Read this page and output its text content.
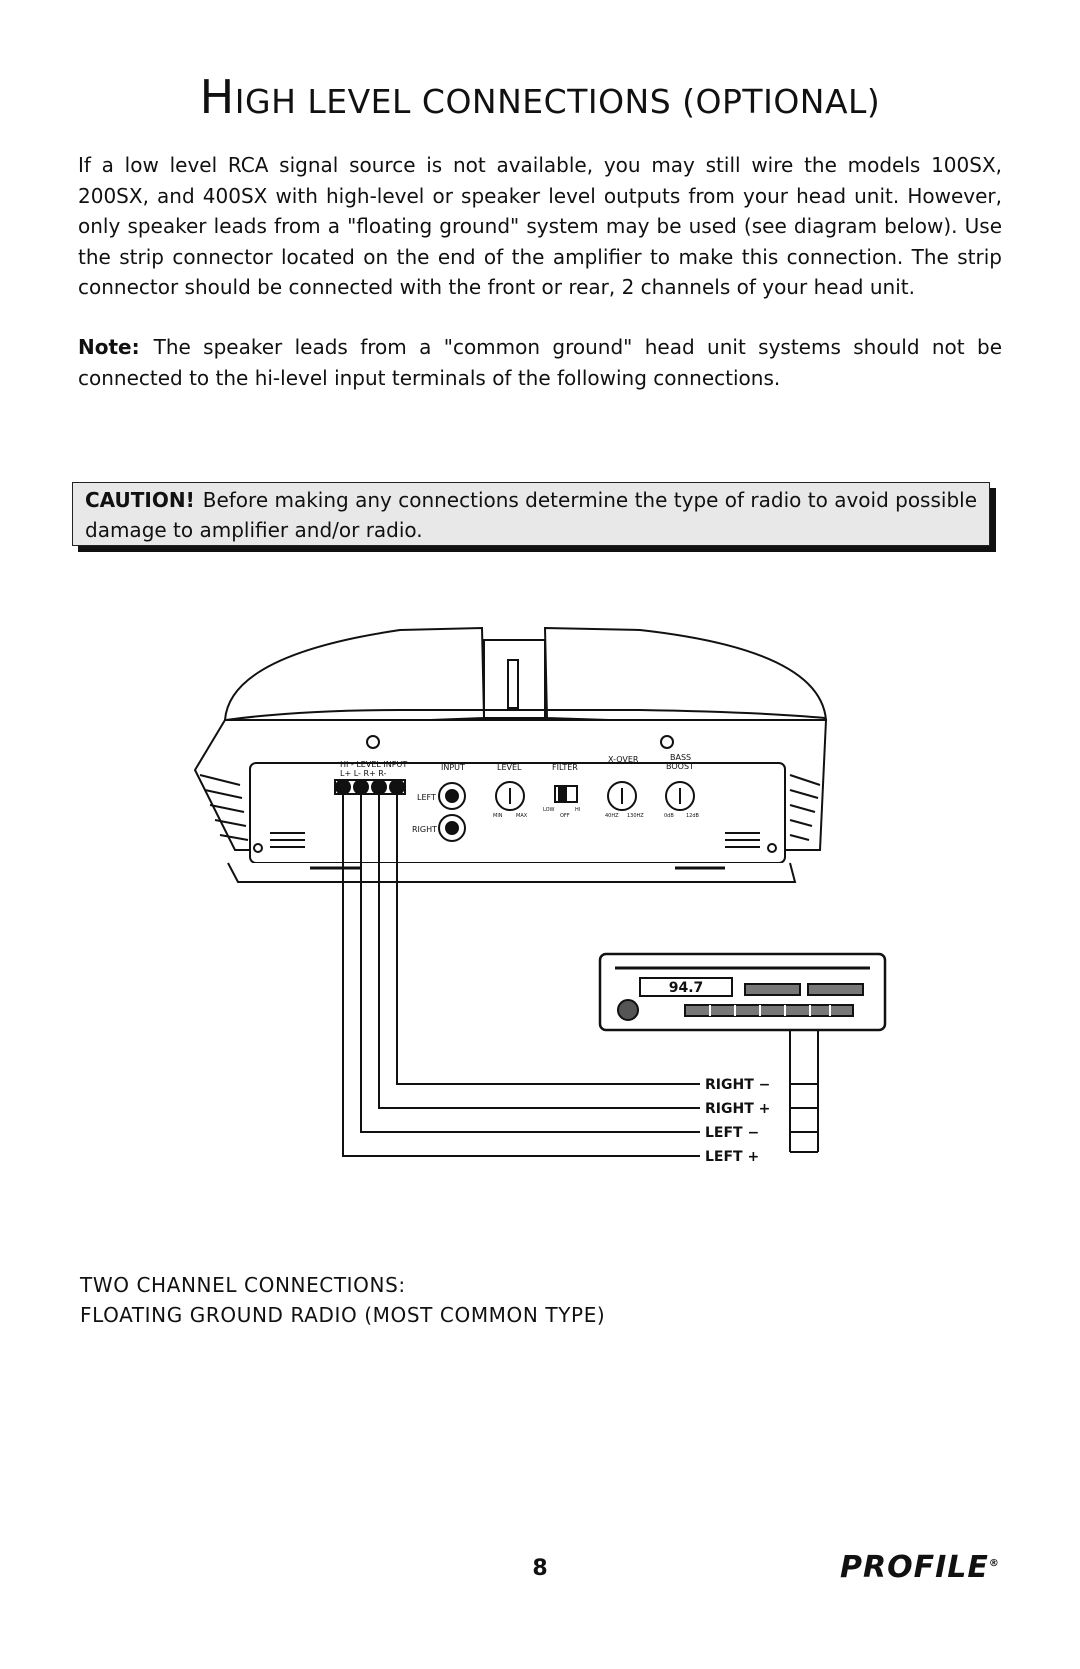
HIGH LEVEL CONNECTIONS (OPTIONAL)

If a low level RCA signal source is not available, you may still wire the models 100SX, 200SX, and 400SX with high-level or speaker level outputs from your head unit. However, only speaker leads from a "floating ground" system may be used (see diagram below). Use the strip connector located on the end of the amplifier to make this connection. The strip connector should be connected with the front or rear, 2 channels of your head unit.

Note: The speaker leads from a "common ground" head unit systems should not be connected to the hi-level input terminals of the following connections.

CAUTION! Before making any connections determine the type of radio to avoid possible damage to amplifier and/or radio.

HI - LEVEL INPUT
L+ L- R+ R-
INPUT	LEVEL	FILTER
X-OVER	BASS
BOOST
LEFT
RIGHT
MIN	MAX
LOW	HI
OFF	40HZ 130HZ	0dB 12dB
94.7
RIGHT −
RIGHT +
LEFT −
LEFT +

TWO CHANNEL CONNECTIONS:

FLOATING GROUND RADIO (MOST COMMON TYPE)

8	PROFILE®
